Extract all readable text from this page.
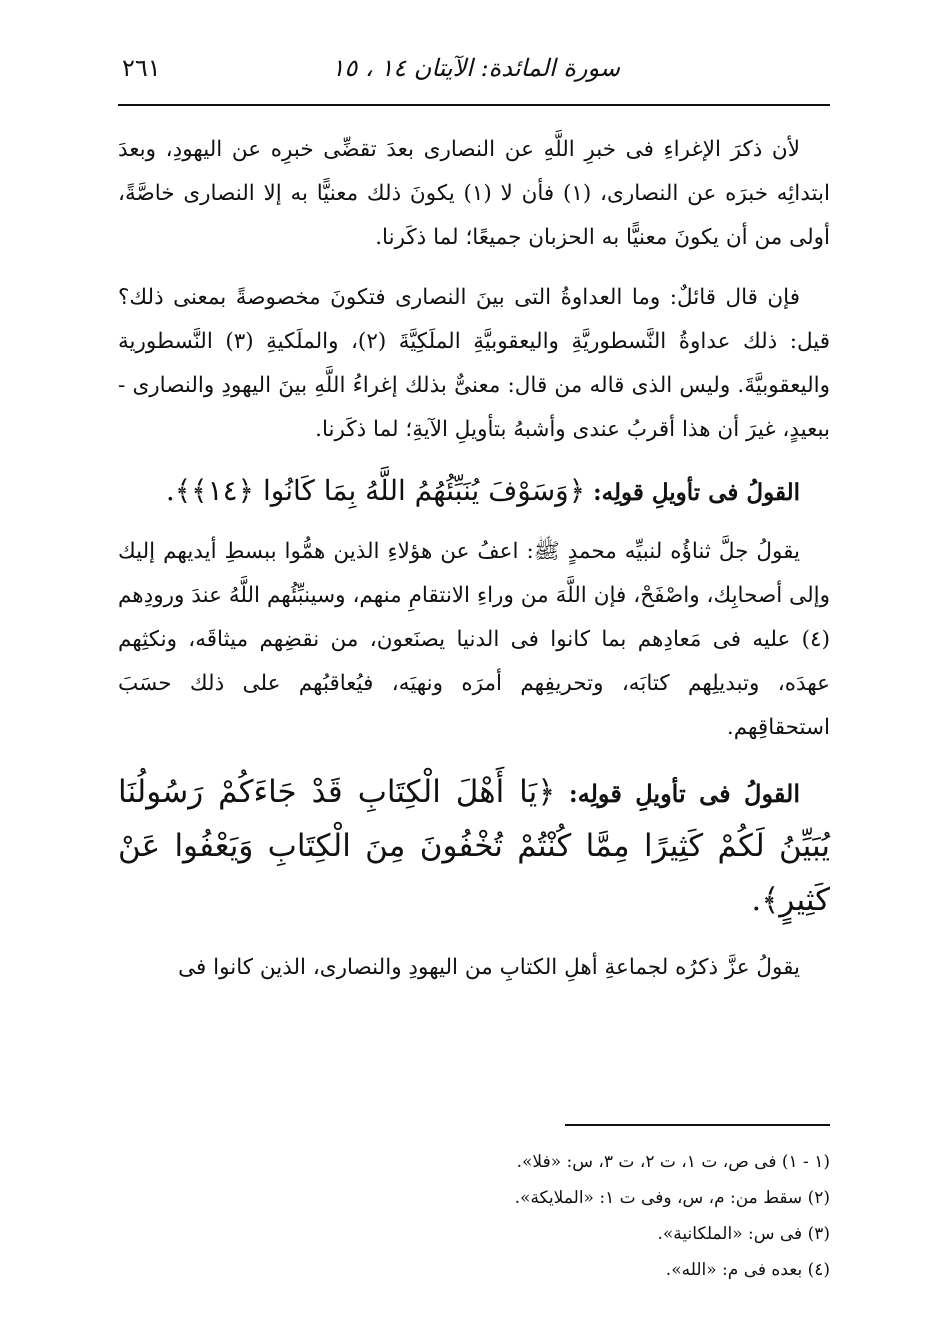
سورة المائدة: الآيتان ١٤ ، ١٥
٢٦١

لأن ذكرَ الإغراءِ فى خبرِ اللَّهِ عن النصارى بعدَ تقضِّى خبرِه عن اليهودِ، وبعدَ ابتدائِه خبرَه عن النصارى، (١) فأن لا (١) يكونَ ذلك معنيًّا به إلا النصارى خاصَّةً، أولى من أن يكونَ معنيًّا به الحزبان جميعًا؛ لما ذكَرنا.

فإن قال قائلٌ: وما العداوةُ التى بينَ النصارى فتكونَ مخصوصةً بمعنى ذلك؟ قيل: ذلك عداوةُ النَّسطوريَّةِ واليعقوبيَّةِ الملَكِيَّةَ (٢)، والملَكيةِ (٣) النَّسطورية واليعقوبيَّةَ. وليس الذى قاله من قال: معنىٌّ بذلك إغراءُ اللَّهِ بينَ اليهودِ والنصارى - ببعيدٍ، غيرَ أن هذا أقربُ عندى وأشبهُ بتأويلِ الآيةِ؛ لما ذكَرنا.

القولُ فى تأويلِ قولِه: ﴿وَسَوْفَ يُنَبِّئُهُمُ اللَّهُ بِمَا كَانُوا ﴿١٤﴾﴾.

يقولُ جلَّ ثناؤُه لنبيِّه محمدٍ ﷺ: اعفُ عن هؤلاءِ الذين همُّوا ببسطِ أيديهم إليك وإلى أصحابِك، واصْفَحْ، فإن اللَّهَ من وراءِ الانتقامِ منهم، وسينبِّئُهم اللَّهُ عندَ ورودِهم (٤) عليه فى مَعادِهم بما كانوا فى الدنيا يصنَعون، من نقضِهم ميثاقَه، ونكثِهم عهدَه، وتبديلِهم كتابَه، وتحريفِهم أمرَه ونهيَه، فيُعاقبُهم على ذلك حسَبَ استحقاقِهم.

القولُ فى تأويلِ قولِه: ﴿يَا أَهْلَ الْكِتَابِ قَدْ جَاءَكُمْ رَسُولُنَا يُبَيِّنُ لَكُمْ كَثِيرًا مِمَّا كُنْتُمْ تُخْفُونَ مِنَ الْكِتَابِ وَيَعْفُوا عَنْ كَثِيرٍ﴾.

يقولُ عزَّ ذكرُه لجماعةِ أهلِ الكتابِ من اليهودِ والنصارى، الذين كانوا فى

(١ - ١) فى ص، ت ١، ت ٢، ت ٣، س: «فلا».

(٢) سقط من: م، س، وفى ت ١: «الملايكة».

(٣) فى س: «الملكانية».

(٤) بعده فى م: «الله».
